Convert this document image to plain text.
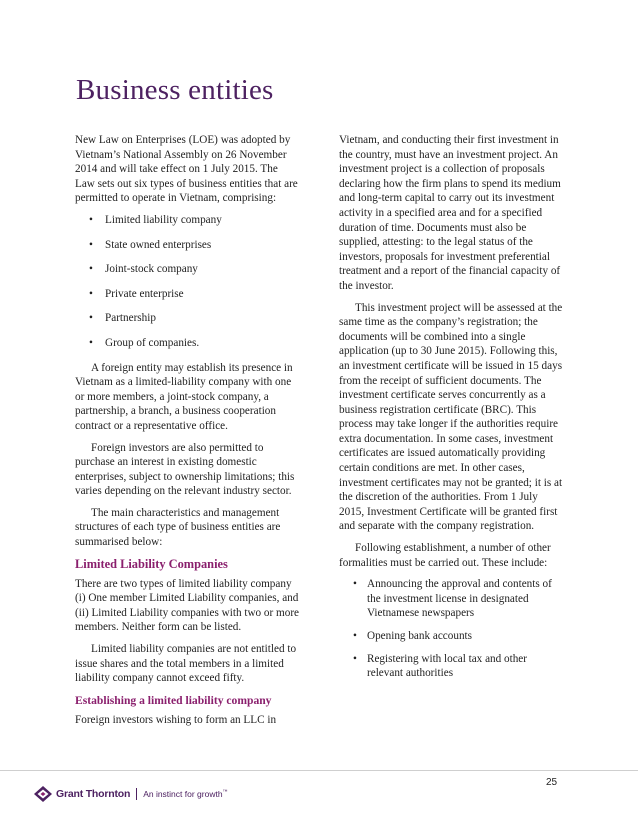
Business entities

New Law on Enterprises (LOE) was adopted by Vietnam’s National Assembly on 26 November 2014 and will take effect on 1 July 2015. The Law sets out six types of business entities that are permitted to operate in Vietnam, comprising:

• Limited liability company
• State owned enterprises
• Joint-stock company
• Private enterprise
• Partnership
• Group of companies.

A foreign entity may establish its presence in Vietnam as a limited-liability company with one or more members, a joint-stock company, a partnership, a branch, a business cooperation contract or a representative office.

Foreign investors are also permitted to purchase an interest in existing domestic enterprises, subject to ownership limitations; this varies depending on the relevant industry sector.

The main characteristics and management structures of each type of business entities are summarised below:

Limited Liability Companies

There are two types of limited liability company (i) One member Limited Liability companies, and (ii) Limited Liability companies with two or more members. Neither form can be listed.

Limited liability companies are not entitled to issue shares and the total members in a limited liability company cannot exceed fifty.

Establishing a limited liability company

Foreign investors wishing to form an LLC in

Vietnam, and conducting their first investment in the country, must have an investment project. An investment project is a collection of proposals declaring how the firm plans to spend its medium and long-term capital to carry out its investment activity in a specified area and for a specified duration of time. Documents must also be supplied, attesting: to the legal status of the investors, proposals for investment preferential treatment and a report of the financial capacity of the investor.

This investment project will be assessed at the same time as the company’s registration; the documents will be combined into a single application (up to 30 June 2015). Following this, an investment certificate will be issued in 15 days from the receipt of sufficient documents. The investment certificate serves concurrently as a business registration certificate (BRC). This process may take longer if the authorities require extra documentation. In some cases, investment certificates are issued automatically providing certain conditions are met. In other cases, investment certificates may not be granted; it is at the discretion of the authorities. From 1 July 2015, Investment Certificate will be granted first and separate with the company registration.

Following establishment, a number of other formalities must be carried out. These include:

• Announcing the approval and contents of the investment license in designated Vietnamese newspapers
• Opening bank accounts
• Registering with local tax and other relevant authorities
25
Grant Thornton An instinct for growth™
